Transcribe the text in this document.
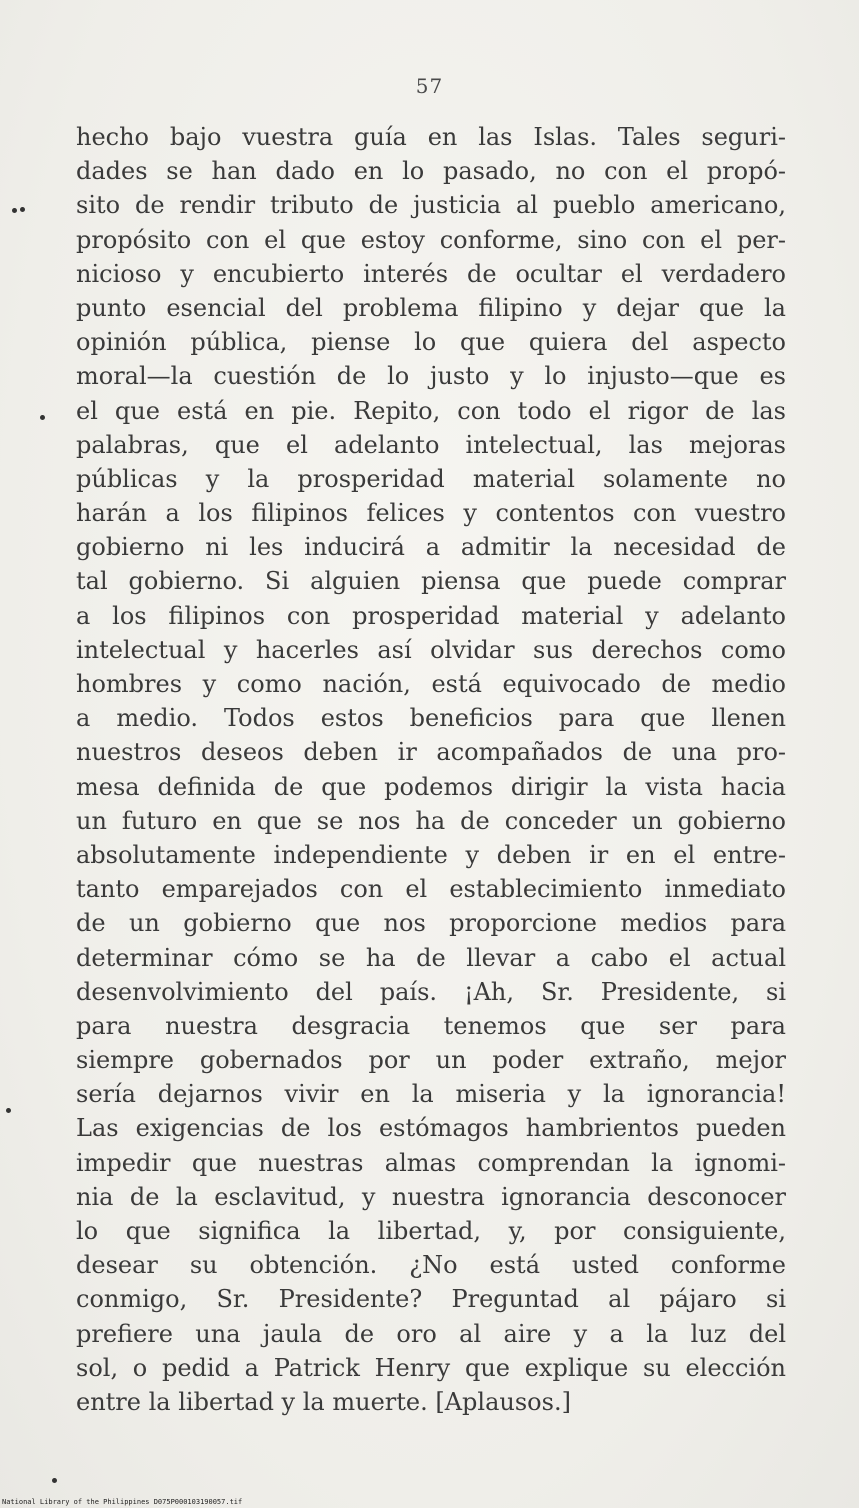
57
hecho bajo vuestra guía en las Islas. Tales seguri-
dades se han dado en lo pasado, no con el propó-
sito de rendir tributo de justicia al pueblo americano,
propósito con el que estoy conforme, sino con el per-
nicioso y encubierto interés de ocultar el verdadero
punto esencial del problema filipino y dejar que la
opinión pública, piense lo que quiera del aspecto
moral—la cuestión de lo justo y lo injusto—que es
el que está en pie. Repito, con todo el rigor de las
palabras, que el adelanto intelectual, las mejoras
públicas y la prosperidad material solamente no
harán a los filipinos felices y contentos con vuestro
gobierno ni les inducirá a admitir la necesidad de
tal gobierno. Si alguien piensa que puede comprar
a los filipinos con prosperidad material y adelanto
intelectual y hacerles así olvidar sus derechos como
hombres y como nación, está equivocado de medio
a medio. Todos estos beneficios para que llenen
nuestros deseos deben ir acompañados de una pro-
mesa definida de que podemos dirigir la vista hacia
un futuro en que se nos ha de conceder un gobierno
absolutamente independiente y deben ir en el entre-
tanto emparejados con el establecimiento inmediato
de un gobierno que nos proporcione medios para
determinar cómo se ha de llevar a cabo el actual
desenvolvimiento del país. ¡Ah, Sr. Presidente, si
para nuestra desgracia tenemos que ser para
siempre gobernados por un poder extraño, mejor
sería dejarnos vivir en la miseria y la ignorancia!
Las exigencias de los estómagos hambrientos pueden
impedir que nuestras almas comprendan la ignomi-
nia de la esclavitud, y nuestra ignorancia desconocer
lo que significa la libertad, y, por consiguiente,
desear su obtención. ¿No está usted conforme
conmigo, Sr. Presidente? Preguntad al pájaro si
prefiere una jaula de oro al aire y a la luz del
sol, o pedid a Patrick Henry que explique su elección
entre la libertad y la muerte. [Aplausos.]
National Library of the Philippines D075P000103190057.tif
